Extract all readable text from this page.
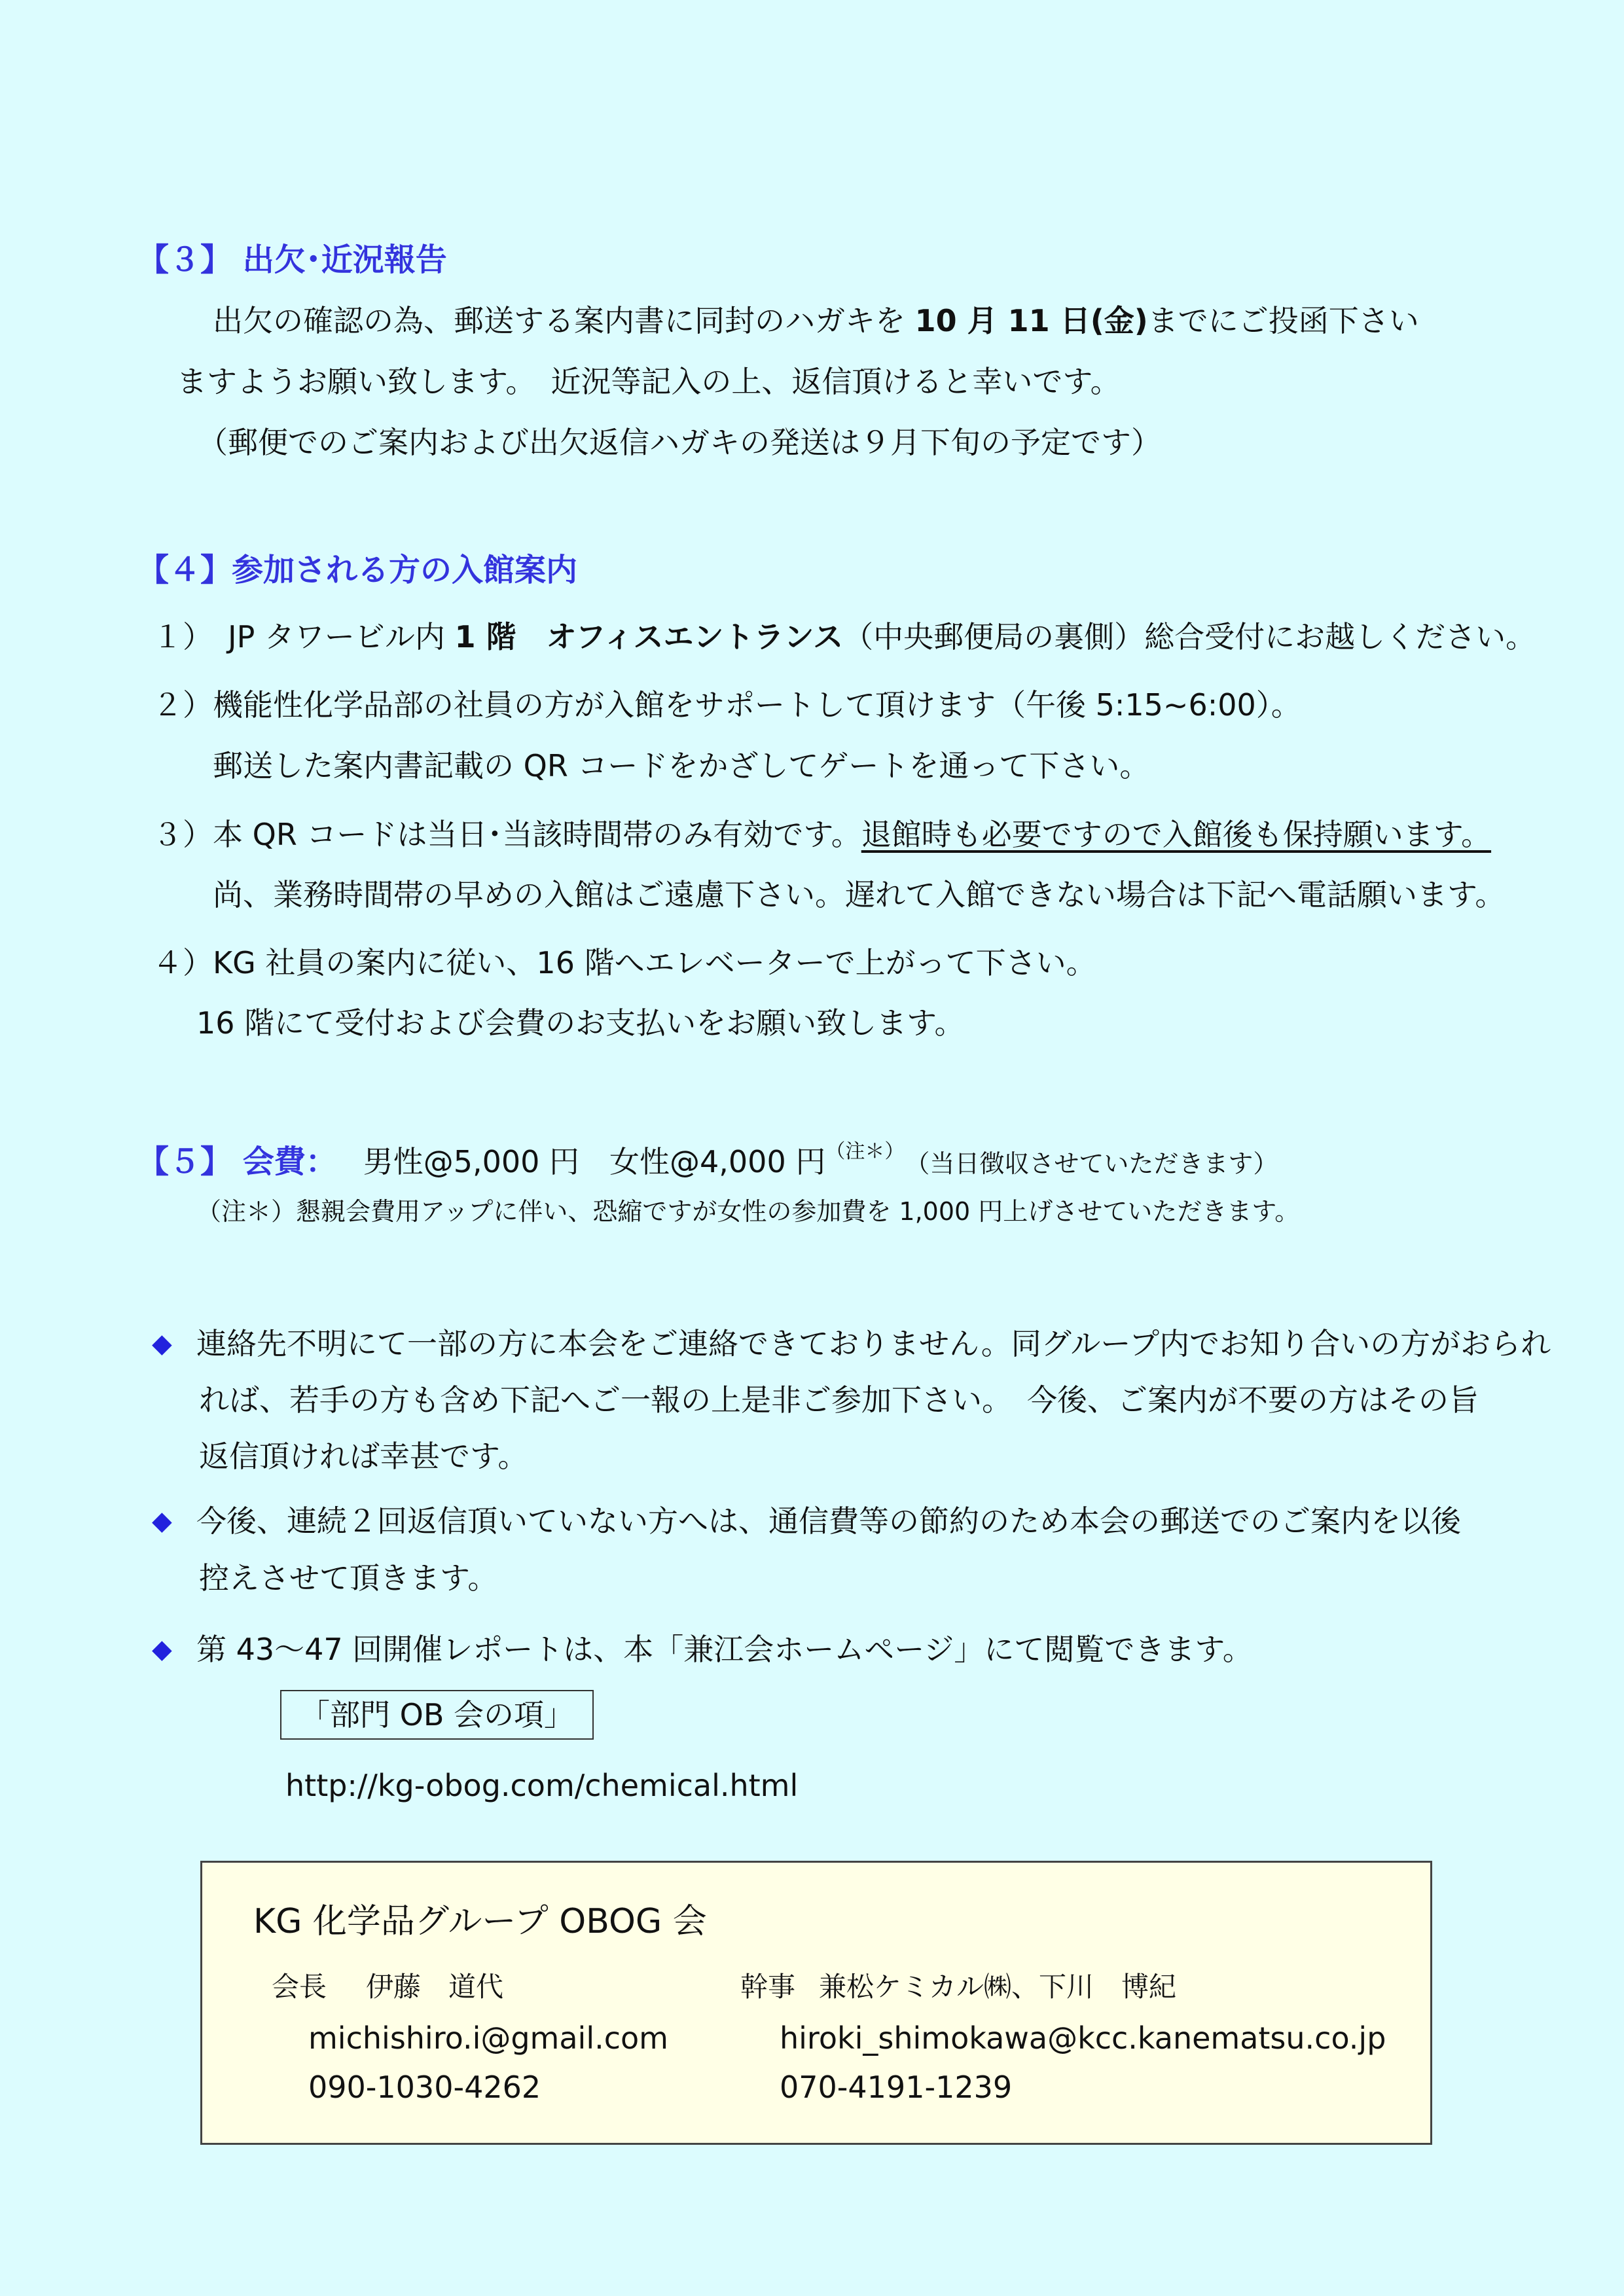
【３】 出欠･近況報告
出欠の確認の為、郵送する案内書に同封のハガキを 10 月 11 日(金)までにご投函下さい
ますようお願い致します。　近況等記入の上、返信頂けると幸いです。
（郵便でのご案内および出欠返信ハガキの発送は９月下旬の予定です）
【４】参加される方の入館案内
１）　JP タワービル内 1 階　オフィスエントランス（中央郵便局の裏側）総合受付にお越しください。
２）機能性化学品部の社員の方が入館をサポートして頂けます（午後 5:15~6:00）。
郵送した案内書記載の QR コードをかざしてゲートを通って下さい。
３）本 QR コードは当日･当該時間帯のみ有効です。退館時も必要ですので入館後も保持願います。
尚、業務時間帯の早めの入館はご遠慮下さい。遅れて入館できない場合は下記へ電話願います。
４）KG 社員の案内に従い、16 階へエレベーターで上がって下さい。
16 階にて受付および会費のお支払いをお願い致します。
【５】 会費： 男性@5,000 円　女性@4,000 円$^{(注*)}$ （当日徴収させていただきます）
（注＊）懇親会費用アップに伴い、恐縮ですが女性の参加費を 1,000 円上げさせていただきます。
◆ 連絡先不明にて一部の方に本会をご連絡できておりません。同グループ内でお知り合いの方がおられ
れば、若手の方も含め下記へご一報の上是非ご参加下さい。　今後、ご案内が不要の方はその旨
返信頂ければ幸甚です。
◆ 今後、連続２回返信頂いていない方へは、通信費等の節約のため本会の郵送でのご案内を以後
控えさせて頂きます。
◆ 第 43～47 回開催レポートは、本「兼江会ホームページ」にて閲覧できます。
「部門 OB 会の項」
http://kg-obog.com/chemical.html
KG 化学品グループ OBOG 会
会長 伊藤　道代
michishiro.i@gmail.com
090-1030-4262
幹事 兼松ケミカル㈱、下川　博紀
hiroki_shimokawa@kcc.kanematsu.co.jp
070-4191-1239
